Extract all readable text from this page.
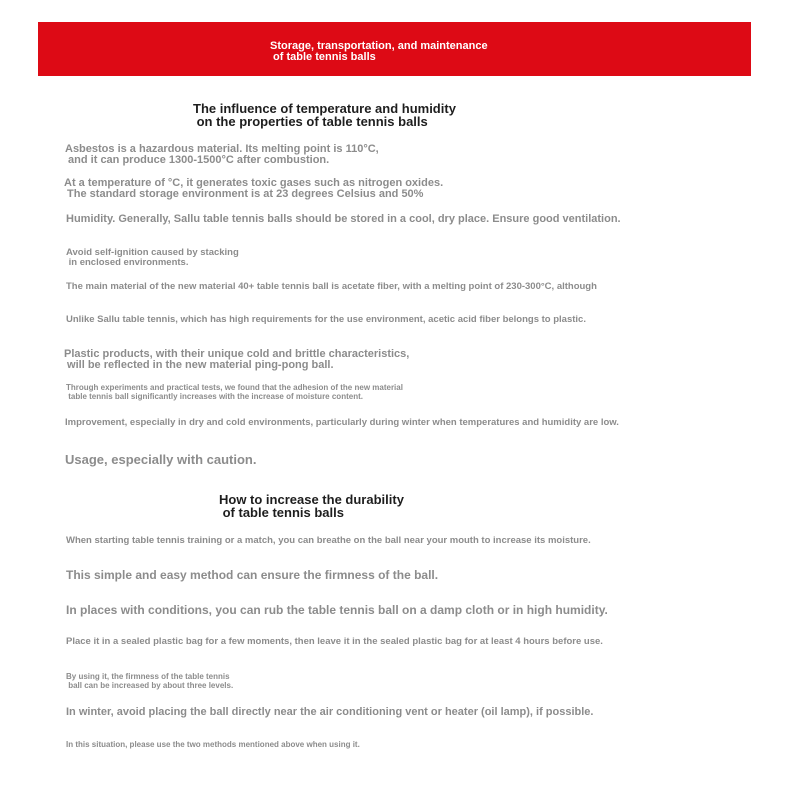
Storage, transportation, and maintenance
of table tennis balls

The influence of temperature and humidity
on the properties of table tennis balls

Asbestos is a hazardous material. Its melting point is 110°C,
and it can produce 1300-1500°C after combustion.

At a temperature of °C, it generates toxic gases such as nitrogen oxides.
The standard storage environment is at 23 degrees Celsius and 50%

Humidity. Generally, Sallu table tennis balls should be stored in a cool, dry place. Ensure good ventilation.

Avoid self-ignition caused by stacking
in enclosed environments.

The main material of the new material 40+ table tennis ball is acetate fiber, with a melting point of 230-300°C, although

Unlike Sallu table tennis, which has high requirements for the use environment, acetic acid fiber belongs to plastic.

Plastic products, with their unique cold and brittle characteristics,
will be reflected in the new material ping-pong ball.

Through experiments and practical tests, we found that the adhesion of the new material
table tennis ball significantly increases with the increase of moisture content.

Improvement, especially in dry and cold environments, particularly during winter when temperatures and humidity are low.

Usage, especially with caution.

How to increase the durability
of table tennis balls

When starting table tennis training or a match, you can breathe on the ball near your mouth to increase its moisture.

This simple and easy method can ensure the firmness of the ball.

In places with conditions, you can rub the table tennis ball on a damp cloth or in high humidity.

Place it in a sealed plastic bag for a few moments, then leave it in the sealed plastic bag for at least 4 hours before use.

By using it, the firmness of the table tennis
ball can be increased by about three levels.

In winter, avoid placing the ball directly near the air conditioning vent or heater (oil lamp), if possible.

In this situation, please use the two methods mentioned above when using it.
